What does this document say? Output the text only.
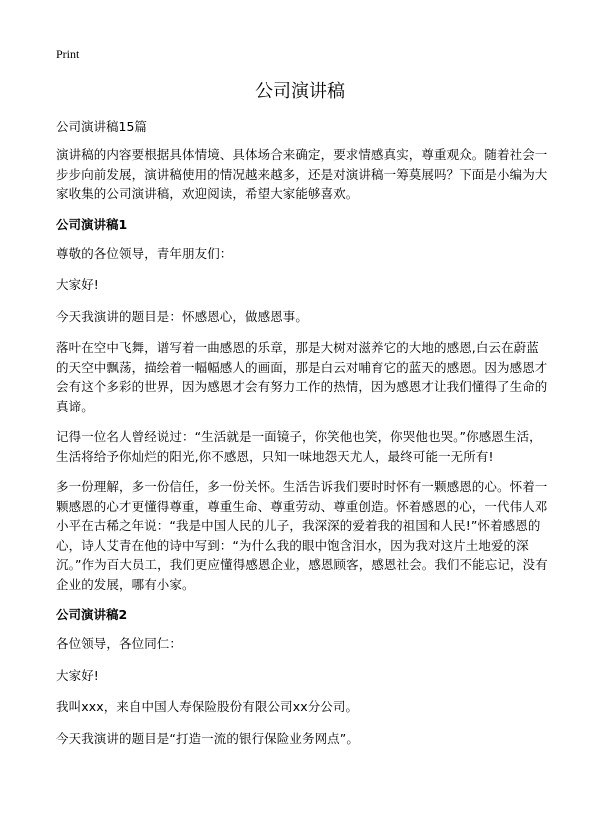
Print
公司演讲稿

公司演讲稿15篇

演讲稿的内容要根据具体情境、具体场合来确定，要求情感真实，尊重观众。随着社会一步步向前发展，演讲稿使用的情况越来越多，还是对演讲稿一筹莫展吗？下面是小编为大家收集的公司演讲稿，欢迎阅读，希望大家能够喜欢。

公司演讲稿1

尊敬的各位领导，青年朋友们：

大家好!

今天我演讲的题目是：怀感恩心，做感恩事。

落叶在空中飞舞，谱写着一曲感恩的乐章，那是大树对滋养它的大地的感恩,白云在蔚蓝的天空中飘荡，描绘着一幅幅感人的画面，那是白云对哺育它的蓝天的感恩。因为感恩才会有这个多彩的世界，因为感恩才会有努力工作的热情，因为感恩才让我们懂得了生命的真谛。

记得一位名人曾经说过：“生活就是一面镜子，你笑他也笑，你哭他也哭。”你感恩生活，生活将给予你灿烂的阳光,你不感恩，只知一味地怨天尤人，最终可能一无所有!

多一份理解，多一份信任，多一份关怀。生活告诉我们要时时怀有一颗感恩的心。怀着一颗感恩的心才更懂得尊重，尊重生命、尊重劳动、尊重创造。怀着感恩的心，一代伟人邓小平在古稀之年说：“我是中国人民的儿子，我深深的爱着我的祖国和人民!”怀着感恩的心，诗人艾青在他的诗中写到：“为什么我的眼中饱含泪水，因为我对这片土地爱的深沉。”作为百大员工，我们更应懂得感恩企业，感恩顾客，感恩社会。我们不能忘记，没有企业的发展，哪有小家。

公司演讲稿2

各位领导，各位同仁：

大家好!

我叫xxx，来自中国人寿保险股份有限公司xx分公司。

今天我演讲的题目是“打造一流的银行保险业务网点”。
